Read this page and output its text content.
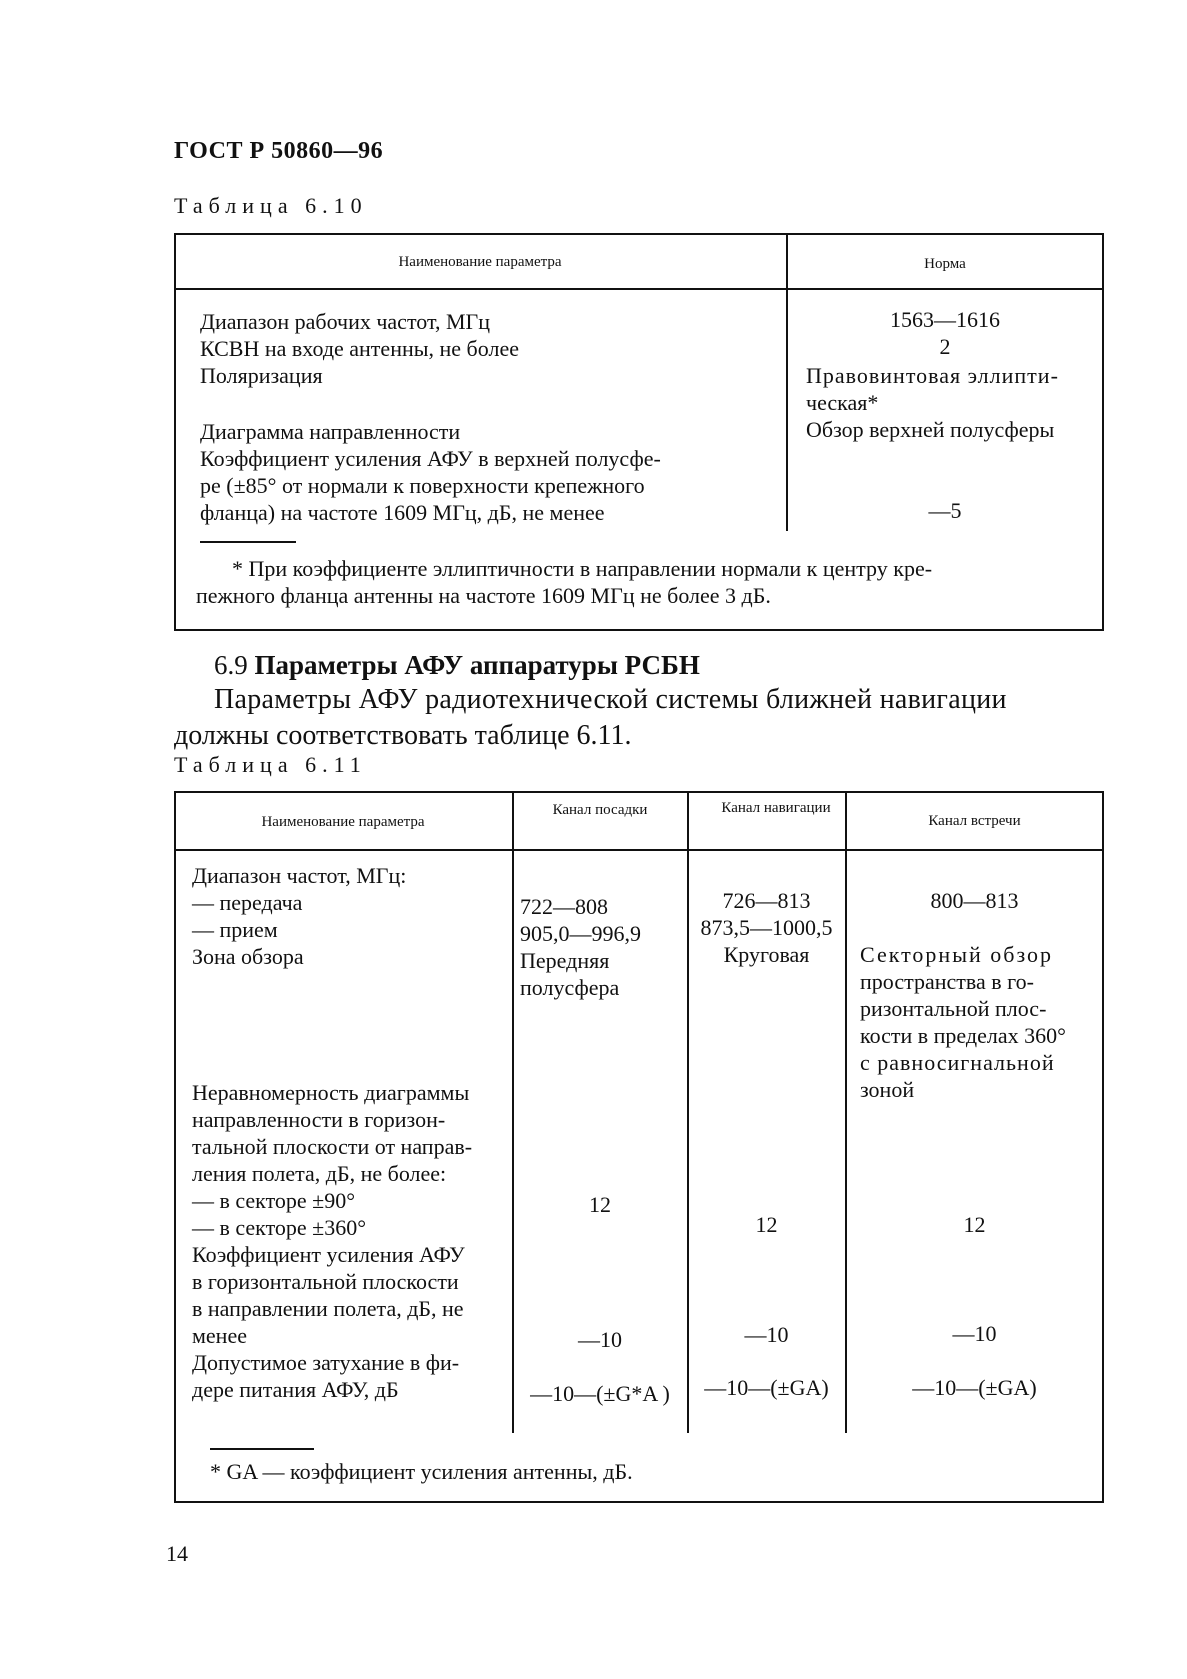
ГОСТ Р 50860—96
Таблица 6.10
Наименование параметра	Норма
Диапазон рабочих частот, МГц
КСВН на входе антенны, не более
Поляризация
Диаграмма направленности
Коэффициент усиления АФУ в верхней полусфе-
ре (±85° от нормали к поверхности крепежного
фланца) на частоте 1609 МГц, дБ, не менее
1563—1616
2
Правовинтовая эллипти-
ческая*
Обзор верхней полусферы
—5
* При коэффициенте эллиптичности в направлении нормали к центру кре-
пежного фланца антенны на частоте 1609 МГц не более 3 дБ.
6.9 Параметры АФУ аппаратуры РСБН
Параметры АФУ радиотехнической системы ближней навигации
должны соответствовать таблице 6.11.
Таблица 6.11
Наименование параметра
Канал посадки	Канал навигации
Канал встречи
Диапазон частот, МГц:
— передача
— прием
Зона обзора
Неравномерность диаграммы
направленности в горизон-
тальной плоскости от направ-
ления полета, дБ, не более:
— в секторе ±90°
— в секторе ±360°
Коэффициент усиления АФУ
в горизонтальной плоскости
в направлении полета, дБ, не
менее
Допустимое затухание в фи-
дере питания АФУ, дБ
722—808
905,0—996,9
Передняя
полусфера
12
—10
—10—(±G*A )
726—813
873,5—1000,5
Круговая
12
—10
—10—(±GA)
800—813
Секторный обзор
пространства в го-
ризонтальной плос-
кости в пределах 360°
с равносигнальной
зоной
12
—10
—10—(±GA)
* GA — коэффициент усиления антенны, дБ.
14
